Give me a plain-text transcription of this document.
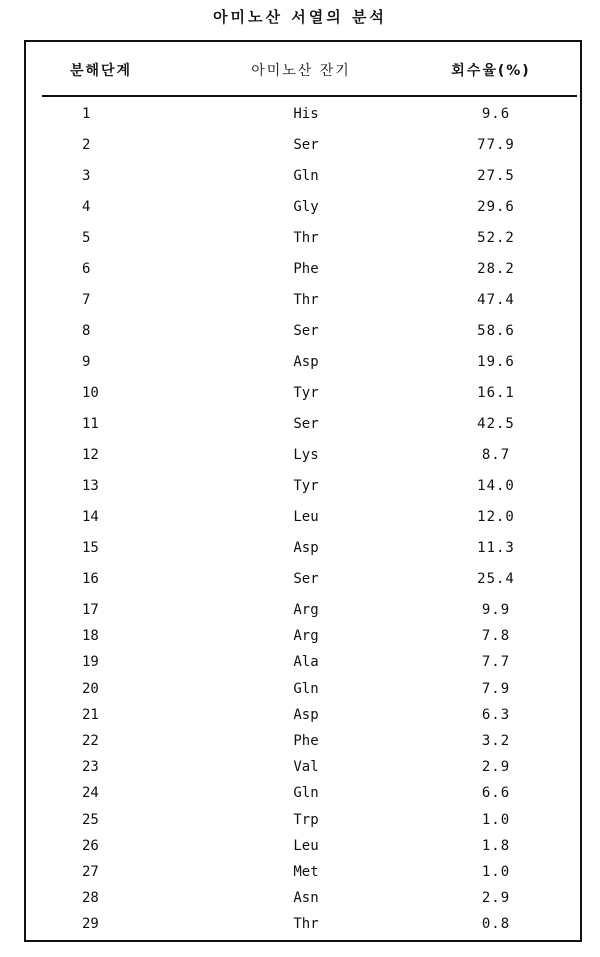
아미노산 서열의 분석
분해단계	아미노산 잔기	회수율(%)
1	His	9.6
2	Ser	77.9
3	Gln	27.5
4	Gly	29.6
5	Thr	52.2
6	Phe	28.2
7	Thr	47.4
8	Ser	58.6
9	Asp	19.6
10	Tyr	16.1
11	Ser	42.5
12	Lys	8.7
13	Tyr	14.0
14	Leu	12.0
15	Asp	11.3
16	Ser	25.4
17	Arg	9.9
18	Arg	7.8
19	Ala	7.7
20	Gln	7.9
21	Asp	6.3
22	Phe	3.2
23	Val	2.9
24	Gln	6.6
25	Trp	1.0
26	Leu	1.8
27	Met	1.0
28	Asn	2.9
29	Thr	0.8
